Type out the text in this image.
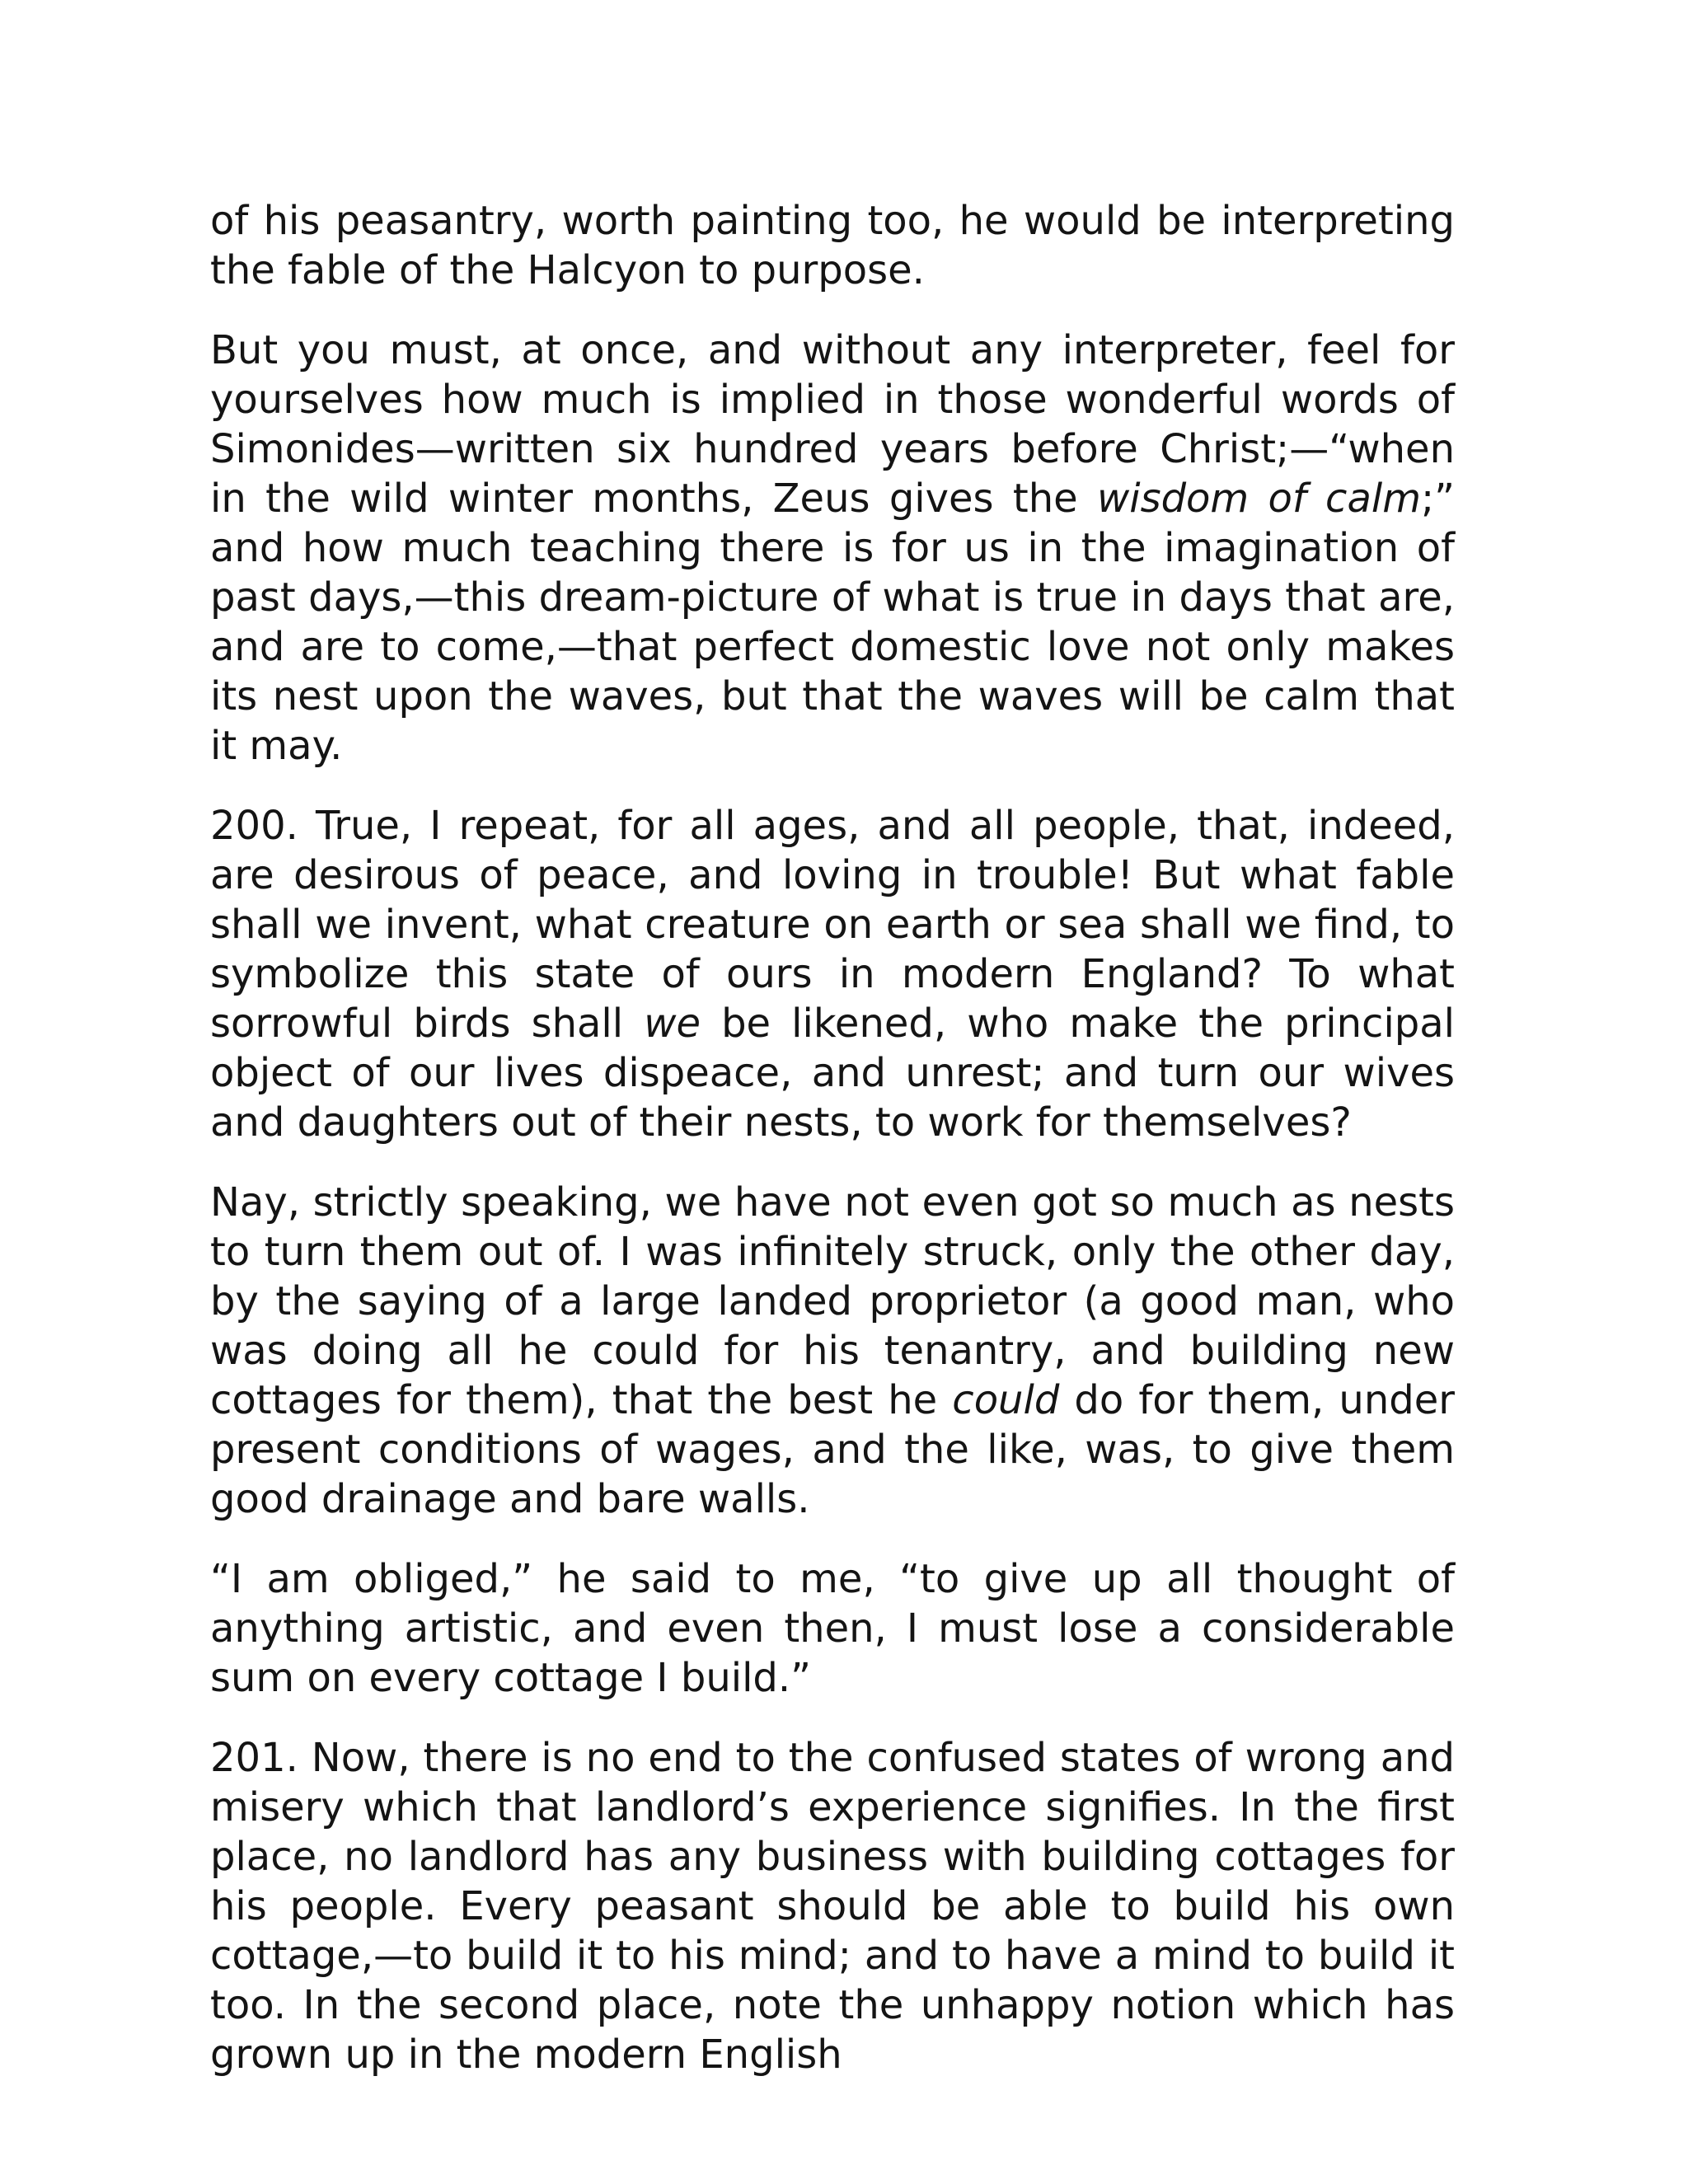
of his peasantry, worth painting too, he would be interpreting the fable of the Halcyon to purpose.

But you must, at once, and without any interpreter, feel for yourselves how much is implied in those wonderful words of Simonides—written six hundred years before Christ;—“when in the wild winter months, Zeus gives the wisdom of calm;” and how much teaching there is for us in the imagination of past days,—this dream-picture of what is true in days that are, and are to come,—that perfect domestic love not only makes its nest upon the waves, but that the waves will be calm that it may.

200. True, I repeat, for all ages, and all people, that, indeed, are desirous of peace, and loving in trouble! But what fable shall we invent, what creature on earth or sea shall we find, to symbolize this state of ours in modern England? To what sorrowful birds shall we be likened, who make the principal object of our lives dispeace, and unrest; and turn our wives and daughters out of their nests, to work for themselves?

Nay, strictly speaking, we have not even got so much as nests to turn them out of. I was infinitely struck, only the other day, by the saying of a large landed proprietor (a good man, who was doing all he could for his tenantry, and building new cottages for them), that the best he could do for them, under present conditions of wages, and the like, was, to give them good drainage and bare walls.

“I am obliged,” he said to me, “to give up all thought of anything artistic, and even then, I must lose a considerable sum on every cottage I build.”

201. Now, there is no end to the confused states of wrong and misery which that landlord’s experience signifies. In the first place, no landlord has any business with building cottages for his people. Every peasant should be able to build his own cottage,—to build it to his mind; and to have a mind to build it too. In the second place, note the unhappy notion which has grown up in the modern English
